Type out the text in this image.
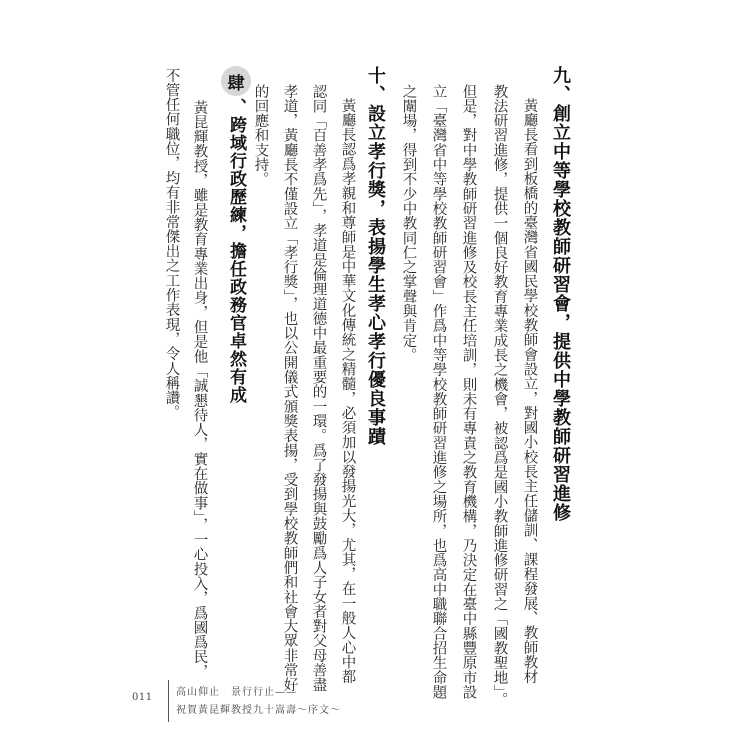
九、創立中等學校教師研習會，提供中學教師研習進修
黃廳長看到板橋的臺灣省國民學校教師會設立，對國小校長主任儲訓、課程發展、教師教材
教法研習進修，提供一個良好教育專業成長之機會，被認爲是國小教師進修研習之「國教聖地」。
但是，對中學教師研習進修及校長主任培訓，則未有專責之教育機構，乃決定在臺中縣豐原市設
立「臺灣省中等學校教師研習會」作爲中等學校教師研習進修之場所，也爲高中職聯合招生命題
之闈場，得到不少中教同仁之掌聲與肯定。
十、設立孝行獎，表揚學生孝心孝行優良事蹟
黃廳長認爲孝親和尊師是中華文化傳統之精髓，必須加以發揚光大，尤其，在一般人心中都
認同「百善孝爲先」，孝道是倫理道德中最重要的一環。爲了發揚與鼓勵爲人子女者對父母善盡
孝道，黃廳長不僅設立「孝行獎」，也以公開儀式頒獎表揚，受到學校教師們和社會大眾非常好
的回應和支持。
肆
、跨域行政歷練，擔任政務官卓然有成
黃昆輝教授，雖是教育專業出身，但是他「誠懇待人，實在做事」，一心投入，爲國爲民，
不管任何職位，均有非常傑出之工作表現，令人稱讚。
011 高山仰止　景行行止——
祝賀黃昆輝教授九十嵩壽～序文～
